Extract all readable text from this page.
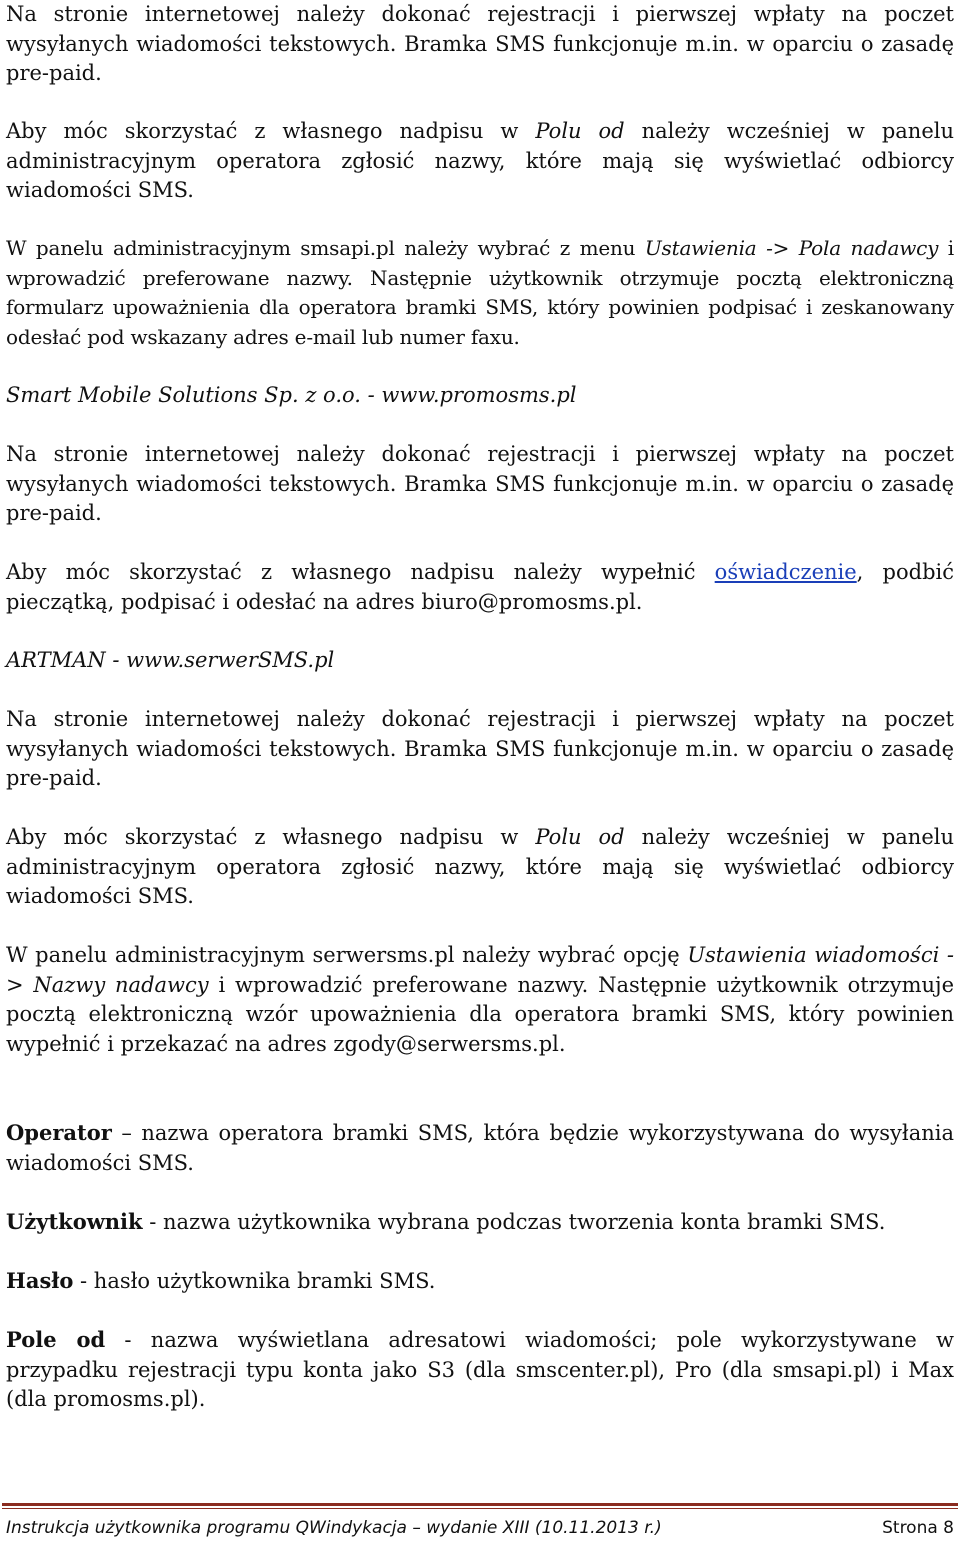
Na stronie internetowej należy dokonać rejestracji i pierwszej wpłaty na poczet wysyłanych wiadomości tekstowych. Bramka SMS funkcjonuje m.in. w oparciu o zasadę pre-paid.

Aby móc skorzystać z własnego nadpisu w Polu od należy wcześniej w panelu administracyjnym operatora zgłosić nazwy, które mają się wyświetlać odbiorcy wiadomości SMS.

W panelu administracyjnym smsapi.pl należy wybrać z menu Ustawienia -> Pola nadawcy i wprowadzić preferowane nazwy. Następnie użytkownik otrzymuje pocztą elektroniczną formularz upoważnienia dla operatora bramki SMS, który powinien podpisać i zeskanowany odesłać pod wskazany adres e-mail lub numer faxu.

Smart Mobile Solutions Sp. z o.o. - www.promosms.pl

Na stronie internetowej należy dokonać rejestracji i pierwszej wpłaty na poczet wysyłanych wiadomości tekstowych. Bramka SMS funkcjonuje m.in. w oparciu o zasadę pre-paid.

Aby móc skorzystać z własnego nadpisu należy wypełnić oświadczenie, podbić pieczątką, podpisać i odesłać na adres biuro@promosms.pl.

ARTMAN - www.serwerSMS.pl

Na stronie internetowej należy dokonać rejestracji i pierwszej wpłaty na poczet wysyłanych wiadomości tekstowych. Bramka SMS funkcjonuje m.in. w oparciu o zasadę pre-paid.

Aby móc skorzystać z własnego nadpisu w Polu od należy wcześniej w panelu administracyjnym operatora zgłosić nazwy, które mają się wyświetlać odbiorcy wiadomości SMS.

W panelu administracyjnym serwersms.pl należy wybrać opcję Ustawienia wiadomości -> Nazwy nadawcy i wprowadzić preferowane nazwy. Następnie użytkownik otrzymuje pocztą elektroniczną wzór upoważnienia dla operatora bramki SMS, który powinien wypełnić i przekazać na adres zgody@serwersms.pl.

Operator – nazwa operatora bramki SMS, która będzie wykorzystywana do wysyłania wiadomości SMS.

Użytkownik - nazwa użytkownika wybrana podczas tworzenia konta bramki SMS.

Hasło - hasło użytkownika bramki SMS.

Pole od - nazwa wyświetlana adresatowi wiadomości; pole wykorzystywane w przypadku rejestracji typu konta jako S3 (dla smscenter.pl), Pro (dla smsapi.pl) i Max (dla promosms.pl).

Instrukcja użytkownika programu QWindykacja – wydanie XIII (10.11.2013 r.)	Strona 8
